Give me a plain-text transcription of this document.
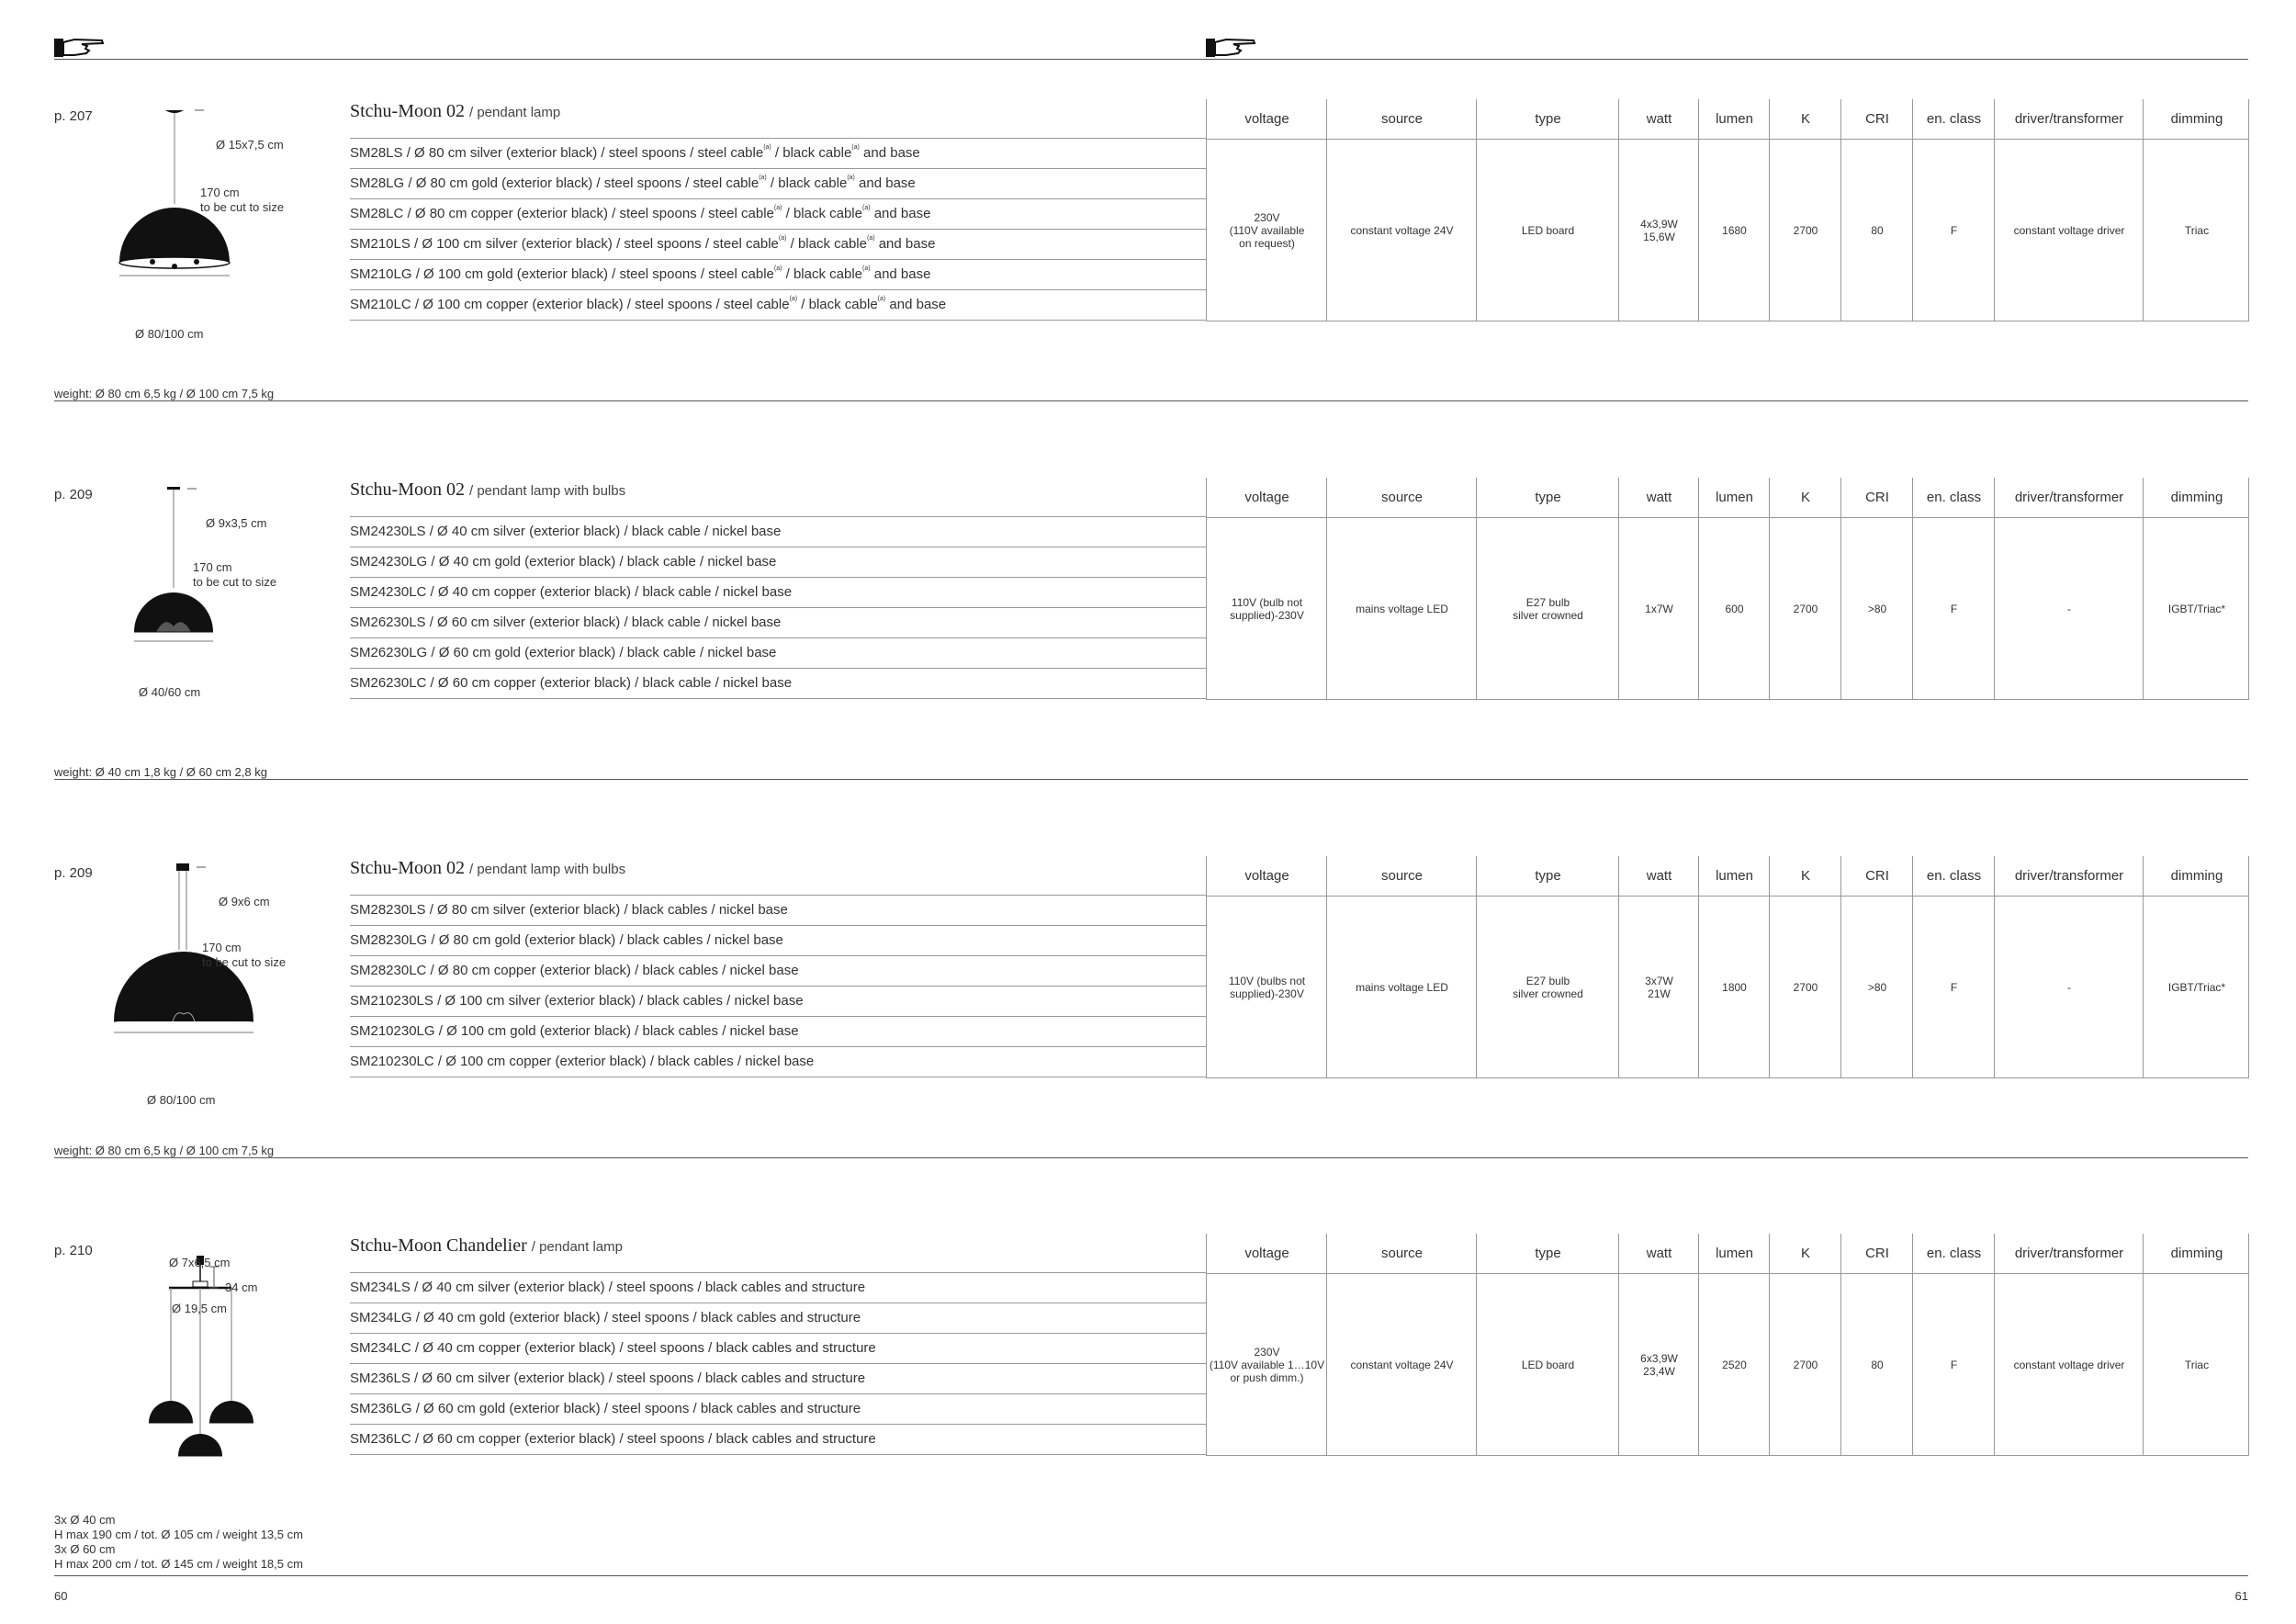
p. 207
Ø 15x7,5 cm
170 cm
to be cut to size
Ø 80/100 cm
weight: Ø 80 cm 6,5 kg / Ø 100 cm 7,5 kg
Stchu-Moon 02 / pendant lamp
SM28LS / Ø 80 cm silver (exterior black) / steel spoons / steel cable$^{(a)}$ / black cable$^{(a)}$ and base
SM28LG / Ø 80 cm gold (exterior black) / steel spoons / steel cable$^{(a)}$ / black cable$^{(a)}$ and base
SM28LC / Ø 80 cm copper (exterior black) / steel spoons / steel cable$^{(a)}$ / black cable$^{(a)}$ and base
SM210LS / Ø 100 cm silver (exterior black) / steel spoons / steel cable$^{(a)}$ / black cable$^{(a)}$ and base
SM210LG / Ø 100 cm gold (exterior black) / steel spoons / steel cable$^{(a)}$ / black cable$^{(a)}$ and base
SM210LC / Ø 100 cm copper (exterior black) / steel spoons / steel cable$^{(a)}$ / black cable$^{(a)}$ and base
voltage
230V
(110V available
on request)
source
constant voltage 24V
type
LED board
watt
4x3,9W
15,6W
lumen
1680
K
2700
CRI
80
en. class
F
driver/transformer
constant voltage driver
dimming
Triac
p. 209
Ø 9x3,5 cm
170 cm
to be cut to size
Ø 40/60 cm
weight: Ø 40 cm 1,8 kg / Ø 60 cm 2,8 kg
Stchu-Moon 02 / pendant lamp with bulbs
SM24230LS / Ø 40 cm silver (exterior black) / black cable / nickel base
SM24230LG / Ø 40 cm gold (exterior black) / black cable / nickel base
SM24230LC / Ø 40 cm copper (exterior black) / black cable / nickel base
SM26230LS / Ø 60 cm silver (exterior black) / black cable / nickel base
SM26230LG / Ø 60 cm gold (exterior black) / black cable / nickel base
SM26230LC / Ø 60 cm copper (exterior black) / black cable / nickel base
voltage
110V (bulb not
supplied)-230V
source
mains voltage LED
type
E27 bulb
silver crowned
watt
1x7W
lumen
600
K
2700
CRI
>80
en. class
F
driver/transformer
-
dimming
IGBT/Triac*
p. 209
Ø 9x6 cm
170 cm
to be cut to size
Ø 80/100 cm
weight: Ø 80 cm 6,5 kg / Ø 100 cm 7,5 kg
Stchu-Moon 02 / pendant lamp with bulbs
SM28230LS / Ø 80 cm silver (exterior black) / black cables / nickel base
SM28230LG / Ø 80 cm gold (exterior black) / black cables / nickel base
SM28230LC / Ø 80 cm copper (exterior black) / black cables / nickel base
SM210230LS / Ø 100 cm silver (exterior black) / black cables / nickel base
SM210230LG / Ø 100 cm gold (exterior black) / black cables / nickel base
SM210230LC / Ø 100 cm copper (exterior black) / black cables / nickel base
voltage
110V (bulbs not
supplied)-230V
source
mains voltage LED
type
E27 bulb
silver crowned
watt
3x7W
21W
lumen
1800
K
2700
CRI
>80
en. class
F
driver/transformer
-
dimming
IGBT/Triac*
p. 210
Ø 7x6,5 cm
34 cm
Ø 19,5 cm
3x Ø 40 cm
H max 190 cm / tot. Ø 105 cm / weight 13,5 cm
3x Ø 60 cm
H max 200 cm / tot. Ø 145 cm / weight 18,5 cm
Stchu-Moon Chandelier / pendant lamp
SM234LS / Ø 40 cm silver (exterior black) / steel spoons / black cables and structure
SM234LG / Ø 40 cm gold (exterior black) / steel spoons / black cables and structure
SM234LC / Ø 40 cm copper (exterior black) / steel spoons / black cables and structure
SM236LS / Ø 60 cm silver (exterior black) / steel spoons / black cables and structure
SM236LG / Ø 60 cm gold (exterior black) / steel spoons / black cables and structure
SM236LC / Ø 60 cm copper (exterior black) / steel spoons / black cables and structure
voltage
230V
(110V available 1…10V
or push dimm.)
source
constant voltage 24V
type
LED board
watt
6x3,9W
23,4W
lumen
2520
K
2700
CRI
80
en. class
F
driver/transformer
constant voltage driver
dimming
Triac
60	61
